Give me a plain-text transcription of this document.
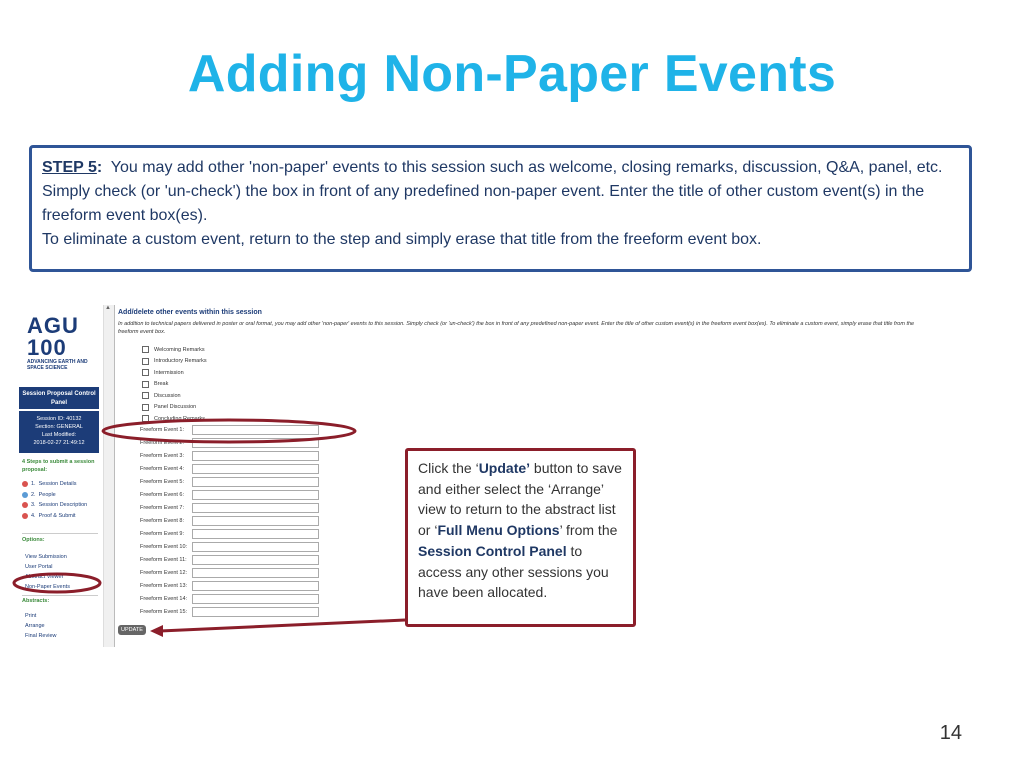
Adding Non-Paper Events

STEP 5: You may add other 'non-paper' events to this session such as welcome, closing remarks, discussion, Q&A, panel, etc.

Simply check (or 'un-check') the box in front of any predefined non-paper event. Enter the title of other custom event(s) in the freeform event box(es).

To eliminate a custom event, return to the step and simply erase that title from the freeform event box.

AGU
100
ADVANCING EARTH AND SPACE SCIENCE
Session Proposal Control Panel
Session ID: 40132
Section: GENERAL
Last Modified:
2018-02-27 21:49:12
4 Steps to submit a session proposal:
1. Session Details
2. People
3. Session Description
4. Proof & Submit
Options:
View Submission
User Portal
Abstract Viewer
Non-Paper Events
Abstracts:
Print
Arrange
Final Review
▲
Add/delete other events within this session
In addition to technical papers delivered in poster or oral format, you may add other 'non-paper' events to this session. Simply check (or 'un-check') the box in front of any predefined non-paper event. Enter the title of other custom event(s) in the freeform event box(es). To eliminate a custom event, simply erase that title from the freeform event box.
Welcoming Remarks
Introductory Remarks
Intermission
Break
Discussion
Panel Discussion
Concluding Remarks
Freeform Event 1:
Freeform Event 2:
Freeform Event 3:
Freeform Event 4:
Freeform Event 5:
Freeform Event 6:
Freeform Event 7:
Freeform Event 8:
Freeform Event 9:
Freeform Event 10:
Freeform Event 11:
Freeform Event 12:
Freeform Event 13:
Freeform Event 14:
Freeform Event 15:
UPDATE

Click the ‘Update’ button to save and either select the ‘Arrange’ view to return to the abstract list or ‘Full Menu Options’ from the Session Control Panel to access any other sessions you have been allocated.

14
